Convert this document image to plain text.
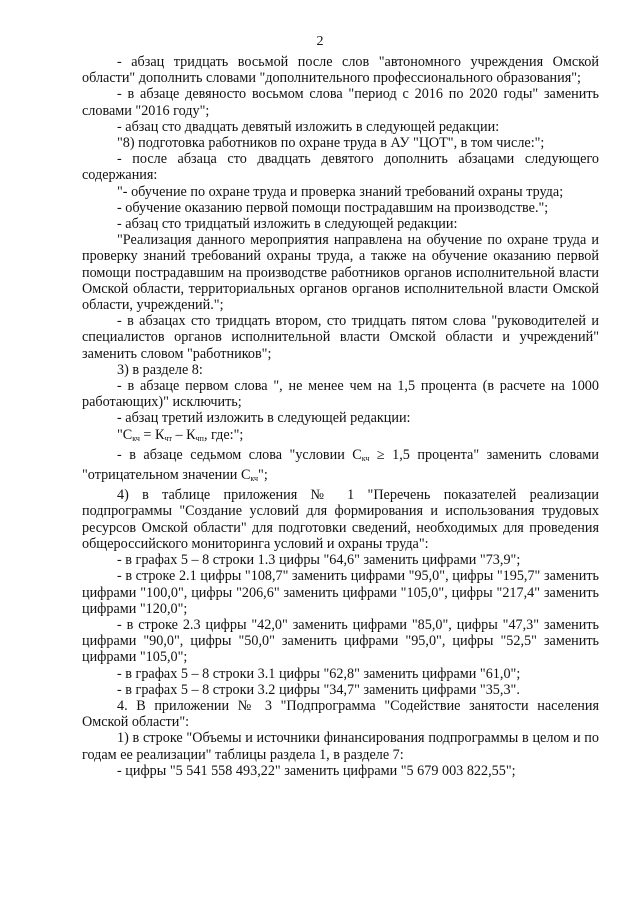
2

- абзац тридцать восьмой после слов "автономного учреждения Омской области" дополнить словами "дополнительного профессионального образования";

- в абзаце девяносто восьмом слова "период с 2016 по 2020 годы" заменить словами "2016 году";

- абзац сто двадцать девятый изложить в следующей редакции:

"8) подготовка работников по охране труда в АУ "ЦОТ", в том числе:";

- после абзаца сто двадцать девятого дополнить абзацами следующего содержания:

"- обучение по охране труда и проверка знаний требований охраны труда;

- обучение оказанию первой помощи пострадавшим на производстве.";

- абзац сто тридцатый изложить в следующей редакции:

"Реализация данного мероприятия направлена на обучение по охране труда и проверку знаний требований охраны труда, а также на обучение оказанию первой помощи пострадавшим на производстве работников органов исполнительной власти Омской области, территориальных органов органов исполнительной власти Омской области, учреждений.";

- в абзацах сто тридцать втором, сто тридцать пятом слова "руководителей и специалистов органов исполнительной власти Омской области и учреждений" заменить словом "работников";

3) в разделе 8:

- в абзаце первом слова ", не менее чем на 1,5 процента (в расчете на 1000 работающих)" исключить;

- абзац третий изложить в следующей редакции:

"$С_{кч} = К_{чт} - К_{чп}$, где:";

- в абзаце седьмом слова "условии $С_{кч} \ge 1,5$ процента" заменить словами "отрицательном значении $С_{кч}$";

4) в таблице приложения № 1 "Перечень показателей реализации подпрограммы "Создание условий для формирования и использования трудовых ресурсов Омской области" для подготовки сведений, необходимых для проведения общероссийского мониторинга условий и охраны труда":

- в графах 5 – 8 строки 1.3 цифры "64,6" заменить цифрами "73,9";

- в строке 2.1 цифры "108,7" заменить цифрами "95,0", цифры "195,7" заменить цифрами "100,0", цифры "206,6" заменить цифрами "105,0", цифры "217,4" заменить цифрами "120,0";

- в строке 2.3 цифры "42,0" заменить цифрами "85,0", цифры "47,3" заменить цифрами "90,0", цифры "50,0" заменить цифрами "95,0", цифры "52,5" заменить цифрами "105,0";

- в графах 5 – 8 строки 3.1 цифры "62,8" заменить цифрами "61,0";

- в графах 5 – 8 строки 3.2 цифры "34,7" заменить цифрами "35,3".

4. В приложении № 3 "Подпрограмма "Содействие занятости населения Омской области":

1) в строке "Объемы и источники финансирования подпрограммы в целом и по годам ее реализации" таблицы раздела 1, в разделе 7:

- цифры "5 541 558 493,22" заменить цифрами "5 679 003 822,55";
